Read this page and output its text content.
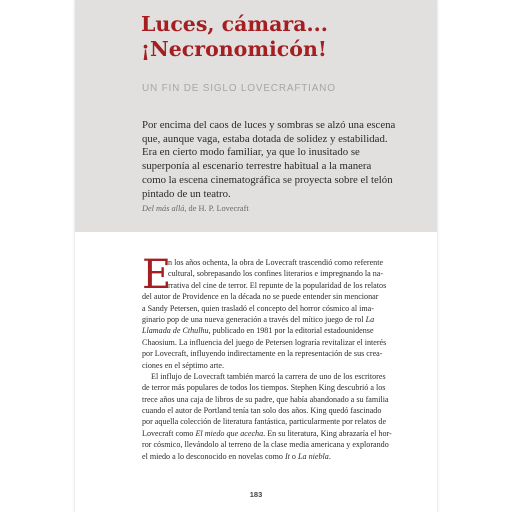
Luces, cámara...
¡Necronomicón!
UN FIN DE SIGLO LOVECRAFTIANO
Por encima del caos de luces y sombras se alzó una escena
que, aunque vaga, estaba dotada de solidez y estabilidad.
Era en cierto modo familiar, ya que lo inusitado se
superponía al escenario terrestre habitual a la manera
como la escena cinematográfica se proyecta sobre el telón
pintado de un teatro.
Del más allá, de H. P. Lovecraft
E
n los años ochenta, la obra de Lovecraft trascendió como referente
cultural, sobrepasando los confines literarios e impregnando la na-
rrativa del cine de terror. El repunte de la popularidad de los relatos
del autor de Providence en la década no se puede entender sin mencionar
a Sandy Petersen, quien trasladó el concepto del horror cósmico al ima-
ginario pop de una nueva generación a través del mítico juego de rol La
Llamada de Cthulhu, publicado en 1981 por la editorial estadounidense
Chaosium. La influencia del juego de Petersen lograría revitalizar el interés
por Lovecraft, influyendo indirectamente en la representación de sus crea-
ciones en el séptimo arte.
El influjo de Lovecraft también marcó la carrera de uno de los escritores
de terror más populares de todos los tiempos. Stephen King descubrió a los
trece años una caja de libros de su padre, que había abandonado a su familia
cuando el autor de Portland tenía tan solo dos años. King quedó fascinado
por aquella colección de literatura fantástica, particularmente por relatos de
Lovecraft como El miedo que acecha. En su literatura, King abrazaría el hor-
ror cósmico, llevándolo al terreno de la clase media americana y explorando
el miedo a lo desconocido en novelas como It o La niebla.
183
